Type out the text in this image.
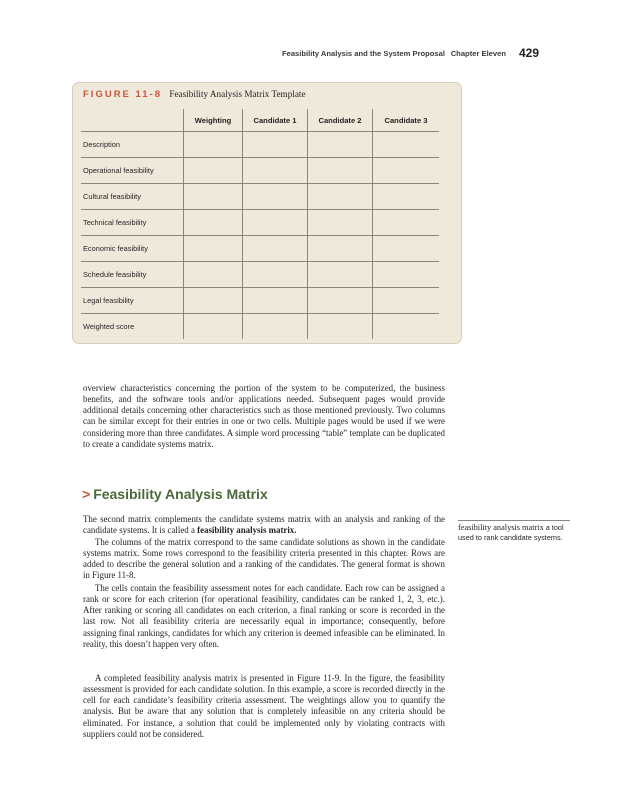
Feasibility Analysis and the System Proposal Chapter Eleven 429
FIGURE 11-8 Feasibility Analysis Matrix Template
	Weighting	Candidate 1	Candidate 2	Candidate 3
Description				
Operational feasibility				
Cultural feasibility				
Technical feasibility				
Economic feasibility				
Schedule feasibility				
Legal feasibility				
Weighted score				

overview characteristics concerning the portion of the system to be computerized, the business benefits, and the software tools and/or applications needed. Subsequent pages would provide additional details concerning other characteristics such as those mentioned previously. Two columns can be similar except for their entries in one or two cells. Multiple pages would be used if we were considering more than three candidates. A simple word processing “table” template can be duplicated to create a candidate systems matrix.

> Feasibility Analysis Matrix

The second matrix complements the candidate systems matrix with an analysis and ranking of the candidate systems. It is called a feasibility analysis matrix.

The columns of the matrix correspond to the same candidate solutions as shown in the candidate systems matrix. Some rows correspond to the feasibility criteria presented in this chapter. Rows are added to describe the general solution and a ranking of the candidates. The general format is shown in Figure 11-8.

The cells contain the feasibility assessment notes for each candidate. Each row can be assigned a rank or score for each criterion (for operational feasibility, candidates can be ranked 1, 2, 3, etc.). After ranking or scoring all candidates on each criterion, a final ranking or score is recorded in the last row. Not all feasibility criteria are necessarily equal in importance; consequently, before assigning final rankings, candidates for which any criterion is deemed infeasible can be eliminated. In reality, this doesn’t happen very often.

A completed feasibility analysis matrix is presented in Figure 11-9. In the figure, the feasibility assessment is provided for each candidate solution. In this example, a score is recorded directly in the cell for each candidate’s feasibility criteria assessment. The weightings allow you to quantify the analysis. But be aware that any solution that is completely infeasible on any criteria should be eliminated. For instance, a solution that could be implemented only by violating contracts with suppliers could not be considered.

feasibility analysis matrix a tool used to rank candidate systems.
